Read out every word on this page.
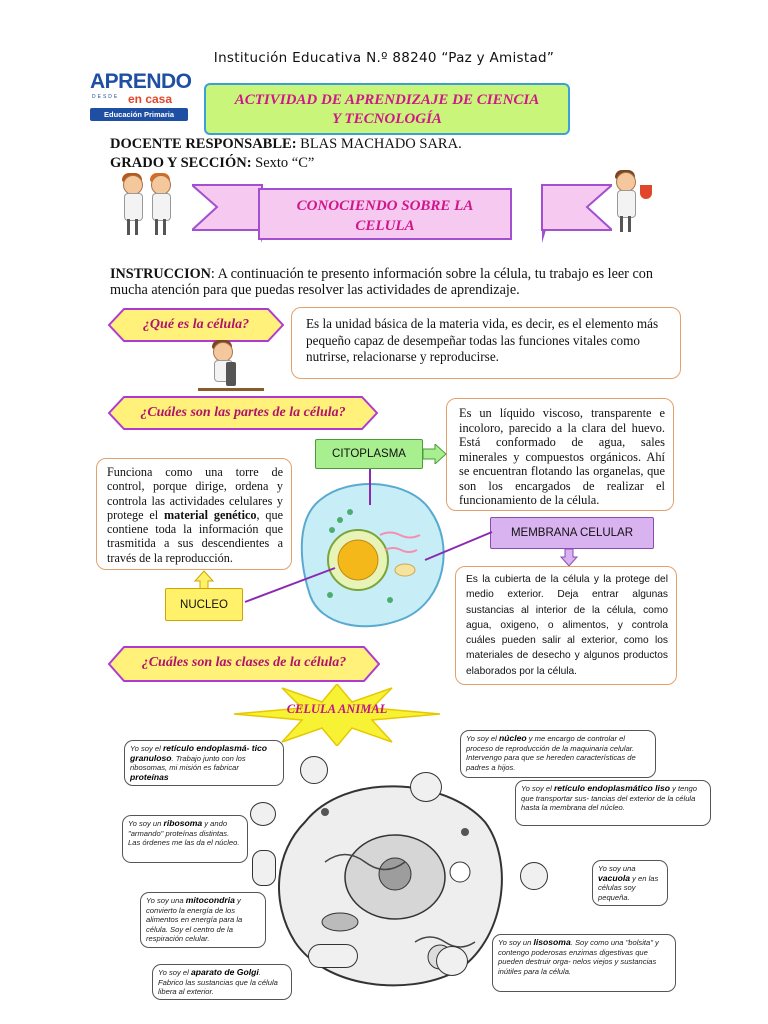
Institución Educativa N.º 88240 “Paz y Amistad”
APRENDO
DESDE en casa
Educación Primaria
ACTIVIDAD DE APRENDIZAJE DE CIENCIA
Y TECNOLOGÍA
DOCENTE RESPONSABLE: BLAS MACHADO SARA.
GRADO Y SECCIÓN: Sexto “C”
CONOCIENDO SOBRE LA
CELULA
INSTRUCCION: A continuación te presento información sobre la célula, tu trabajo es leer con mucha atención para que puedas resolver las actividades de aprendizaje.
¿Qué es la célula?	Es la unidad básica de la materia vida, es decir, es el elemento más pequeño capaz de desempeñar todas las funciones vitales como nutrirse, relacionarse y reproducirse.
¿Cuáles son las partes de la célula?	Es un líquido viscoso, transparente e incoloro, parecido a la clara del huevo. Está conformado de agua, sales minerales y compuestos orgánicos. Ahí se encuentran flotando las organelas, que son los encargados de realizar el funcionamiento de la célula.
CITOPLASMA
Funciona como una torre de control, porque dirige, ordena y controla las actividades celulares y protege el material genético, que contiene toda la información que trasmitida a sus descendientes a través de la reproducción.
NUCLEO
MEMBRANA CELULAR
Es la cubierta de la célula y la protege del medio exterior. Deja entrar algunas sustancias al interior de la célula, como agua, oxigeno, o alimentos, y controla cuáles pueden salir al exterior, como los materiales de desecho y algunos productos elaborados por la célula.
¿Cuáles son las clases de la célula?
CELULA ANIMAL
Yo soy el retículo endoplasmá- tico granuloso. Trabajo junto con los ribosomas, mi misión es fabricar proteínas
Yo soy el núcleo y me encargo de controlar el proceso de reproducción de la maquinaria celular. Intervengo para que se hereden características de padres a hijos.
Yo soy el retículo endoplasmático liso y tengo que transportar sus- tancias del exterior de la célula hasta la membrana del núcleo.
Yo soy un ribosoma y ando "armando" proteínas distintas. Las órdenes me las da el núcleo.
Yo soy una vacuola y en las células soy pequeña.
Yo soy una mitocondria y convierto la energía de los alimentos en energía para la célula. Soy el centro de la respiración celular.	Yo soy un lisosoma. Soy como una "bolsita" y contengo poderosas enzimas digestivas que pueden destruir orga- nelos viejos y sustancias inútiles para la célula.
Yo soy el aparato de Golgi. Fabrico las sustancias que la célula libera al exterior.
